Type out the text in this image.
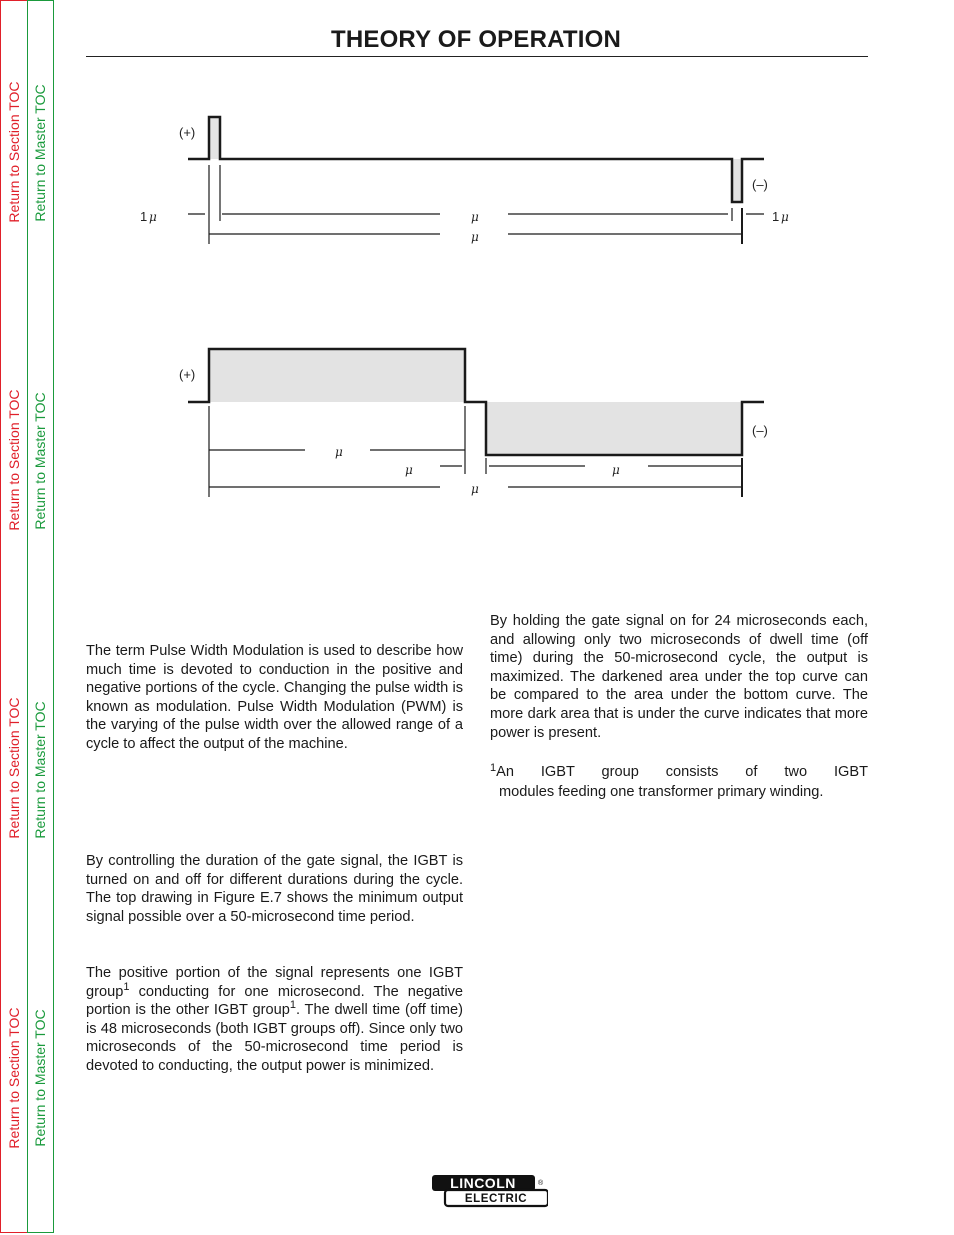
Return to Section TOC
Return to Section TOC
Return to Section TOC
Return to Section TOC
Return to Master TOC
Return to Master TOC
Return to Master TOC
Return to Master TOC
THEORY OF OPERATION
(+)
(–)
1 μ	μ	1 μ
μ
(+)
(–)
μ
μ	μ
μ
The term Pulse Width Modulation is used to describe how much time is devoted to conduction in the positive and negative portions of the cycle. Changing the pulse width is known as modulation. Pulse Width Modulation (PWM) is the varying of the pulse width over the allowed range of a cycle to affect the output of the machine.
By controlling the duration of the gate signal, the IGBT is turned on and off for different durations during the cycle. The top drawing in Figure E.7 shows the minimum output signal possible over a 50-microsecond time period.
The positive portion of the signal represents one IGBT group$^1$ conducting for one microsecond. The negative portion is the other IGBT group$^1$. The dwell time (off time) is 48 microseconds (both IGBT groups off). Since only two microseconds of the 50-microsecond time period is devoted to conducting, the output power is minimized.
By holding the gate signal on for 24 microseconds each, and allowing only two microseconds of dwell time (off time) during the 50-microsecond cycle, the output is maximized. The darkened area under the top curve can be compared to the area under the bottom curve. The more dark area that is under the curve indicates that more power is present.
$^1$An IGBT group consists of two IGBT
modules feeding one transformer primary winding.
LINCOLN
ELECTRIC
®
